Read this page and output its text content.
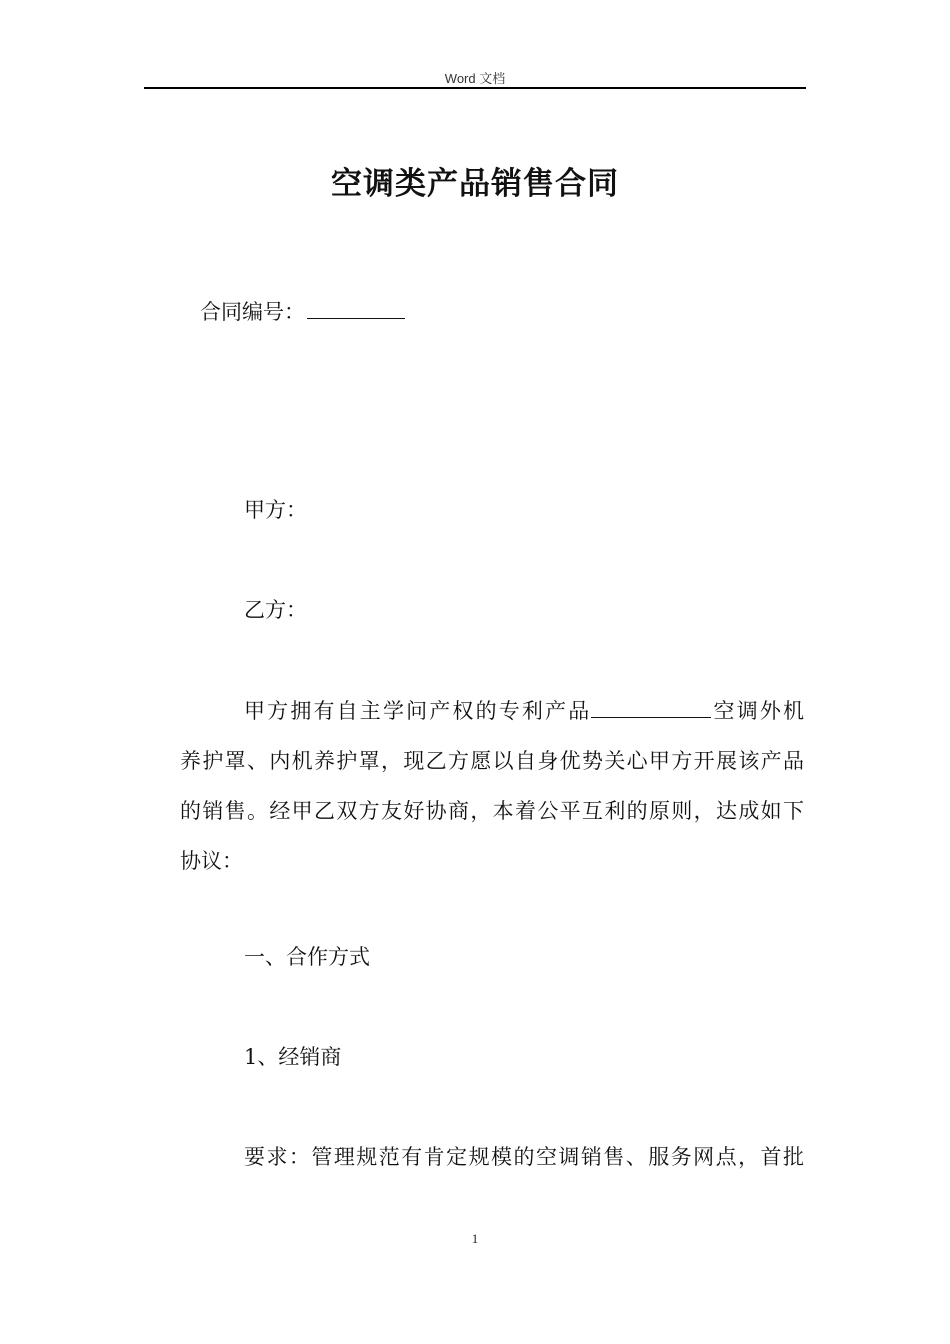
Word 文档
空调类产品销售合同
合同编号：
甲方：
乙方：
甲方拥有自主学问产权的专利产品	空调外机
养护罩、内机养护罩，现乙方愿以自身优势关心甲方开展该产品
的销售。经甲乙双方友好协商，本着公平互利的原则，达成如下
协议：
一、合作方式
1、经销商
要求：管理规范有肯定规模的空调销售、服务网点，首批
1
